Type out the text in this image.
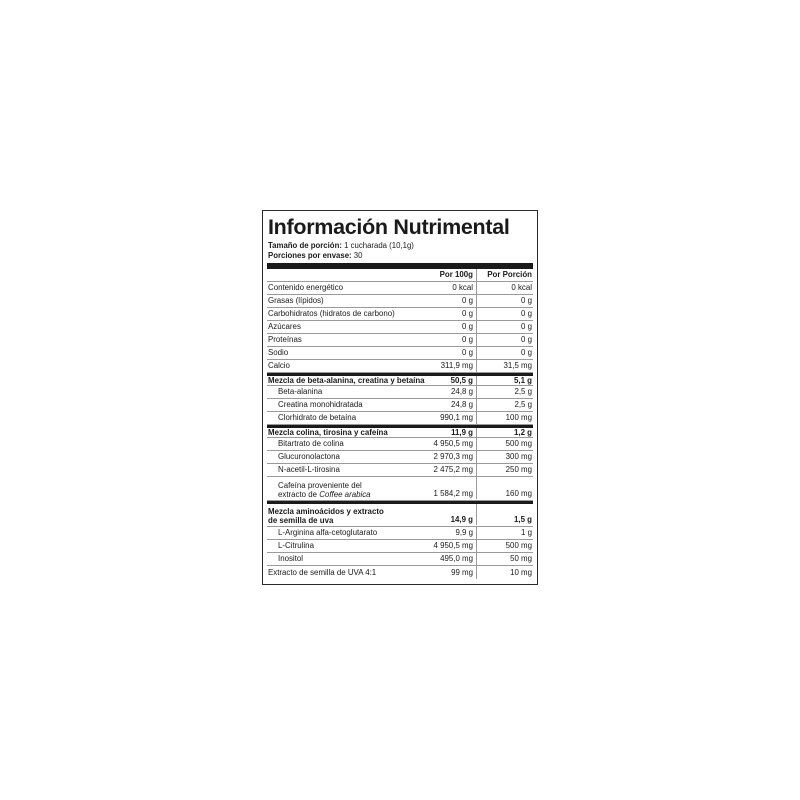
Información Nutrimental
Tamaño de porción: 1 cucharada (10,1g)
Porciones por envase: 30
Por 100g	Por Porción
Contenido energético	0 kcal	0 kcal
Grasas (lípidos)	0 g	0 g
Carbohidratos (hidratos de carbono)	0 g	0 g
Azúcares	0 g	0 g
Proteínas	0 g	0 g
Sodio	0 g	0 g
Calcio	311,9 mg	31,5 mg
Mezcla de beta-alanina, creatina y betaína	50,5 g	5,1 g
Beta-alanina	24,8 g	2,5 g
Creatina monohidratada	24,8 g	2,5 g
Clorhidrato de betaína	990,1 mg	100 mg
Mezcla colina, tirosina y cafeína	11,9 g	1,2 g
Bitartrato de colina	4 950,5 mg	500 mg
Glucuronolactona	2 970,3 mg	300 mg
N-acetil-L-tirosina	2 475,2 mg	250 mg
Cafeína proveniente del
extracto de Coffee arabica	1 584,2 mg	160 mg
Mezcla aminoácidos y extracto
de semilla de uva	14,9 g	1,5 g
L-Arginina alfa-cetoglutarato	9,9 g	1 g
L-Citrulina	4 950,5 mg	500 mg
Inositol	495,0 mg	50 mg
Extracto de semilla de UVA 4:1	99 mg	10 mg
